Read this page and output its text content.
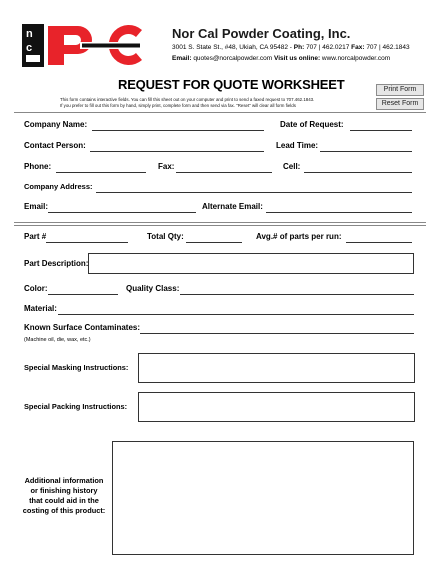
n
c
Nor Cal Powder Coating, Inc.
3001 S. State St., #48, Ukiah, CA 95482 - Ph: 707 | 462.0217 Fax: 707 | 462.1843
Email: quotes@norcalpowder.com Visit us online: www.norcalpowder.com
REQUEST FOR QUOTE WORKSHEET	Print Form
Reset Form
This form contains interactive fields. You can fill this sheet out on your computer and print to send a faxed request to 707.462.1843.
If you prefer to fill out this form by hand, simply print, complete form and then send via fax. "Reset" will clear all form fields
Company Name:	Date of Request:
Contact Person:	Lead Time:
Phone:	Fax:	Cell:
Company Address:
Email:	Alternate Email:
Part #	Total Qty:	Avg.# of parts per run:
Part Description:
Color:	Quality Class:
Material:
Known Surface Contaminates:
(Machine oil, die, wax, etc.)
Special Masking Instructions:
Special Packing Instructions:
Additional information
or finishing history
that could aid in the
costing of this product:
